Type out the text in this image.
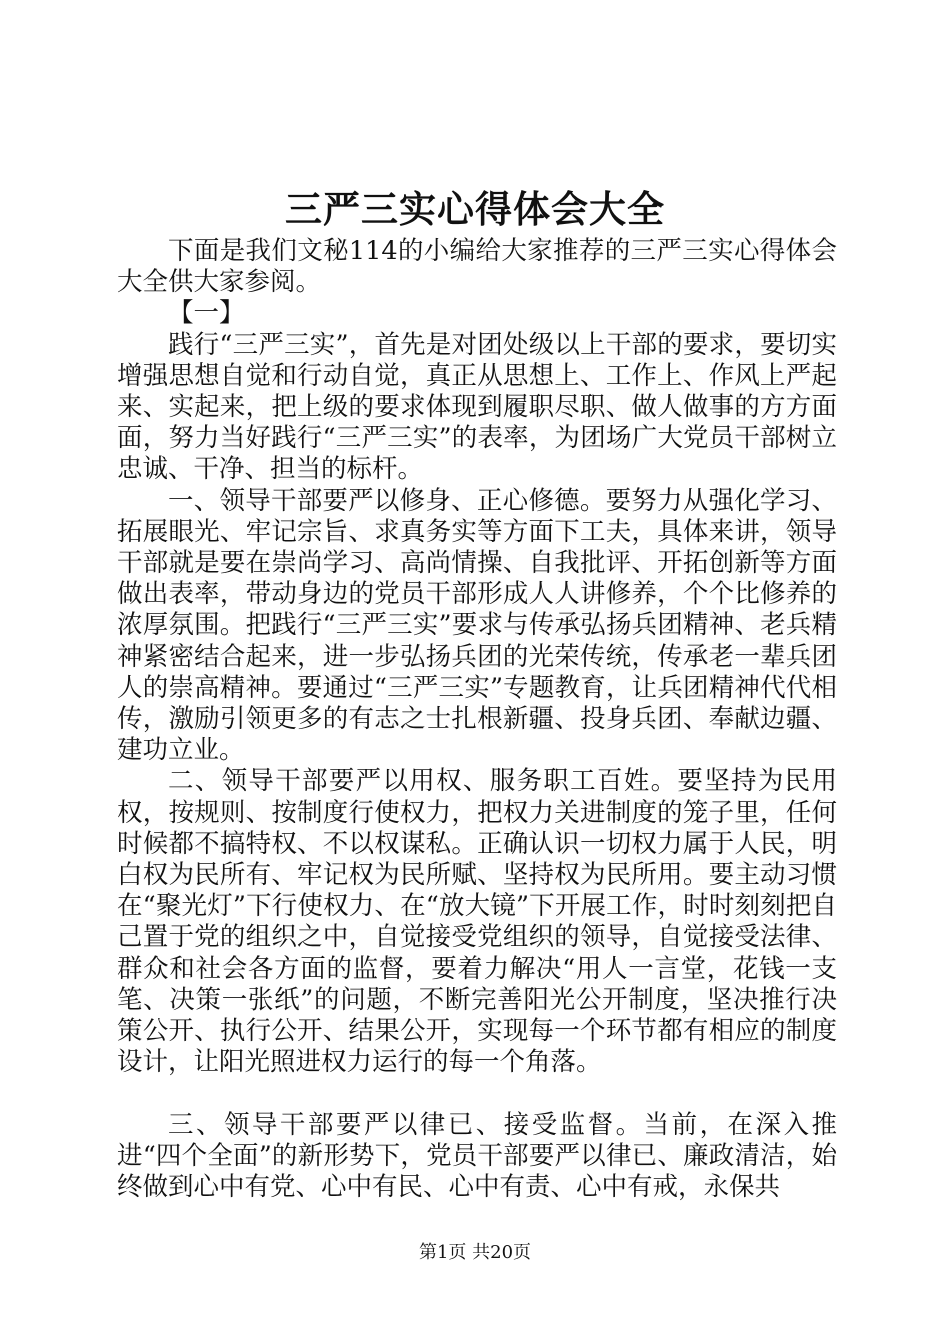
三严三实心得体会大全

下面是我们文秘114的小编给大家推荐的三严三实心得体会大全供大家参阅。

【一】

践行“三严三实”，首先是对团处级以上干部的要求，要切实增强思想自觉和行动自觉，真正从思想上、工作上、作风上严起来、实起来，把上级的要求体现到履职尽职、做人做事的方方面面，努力当好践行“三严三实”的表率，为团场广大党员干部树立忠诚、干净、担当的标杆。

一、领导干部要严以修身、正心修德。要努力从强化学习、拓展眼光、牢记宗旨、求真务实等方面下工夫，具体来讲，领导干部就是要在崇尚学习、高尚情操、自我批评、开拓创新等方面做出表率，带动身边的党员干部形成人人讲修养，个个比修养的浓厚氛围。把践行“三严三实”要求与传承弘扬兵团精神、老兵精神紧密结合起来，进一步弘扬兵团的光荣传统，传承老一辈兵团人的崇高精神。要通过“三严三实”专题教育，让兵团精神代代相传，激励引领更多的有志之士扎根新疆、投身兵团、奉献边疆、建功立业。

二、领导干部要严以用权、服务职工百姓。要坚持为民用权，按规则、按制度行使权力，把权力关进制度的笼子里，任何时候都不搞特权、不以权谋私。正确认识一切权力属于人民，明白权为民所有、牢记权为民所赋、坚持权为民所用。要主动习惯在“聚光灯”下行使权力、在“放大镜”下开展工作，时时刻刻把自己置于党的组织之中，自觉接受党组织的领导，自觉接受法律、群众和社会各方面的监督，要着力解决“用人一言堂，花钱一支笔、决策一张纸”的问题，不断完善阳光公开制度，坚决推行决策公开、执行公开、结果公开，实现每一个环节都有相应的制度设计，让阳光照进权力运行的每一个角落。

三、领导干部要严以律已、接受监督。当前，在深入推进“四个全面”的新形势下，党员干部要严以律已、廉政清洁，始终做到心中有党、心中有民、心中有责、心中有戒，永保共

第1页 共20页
